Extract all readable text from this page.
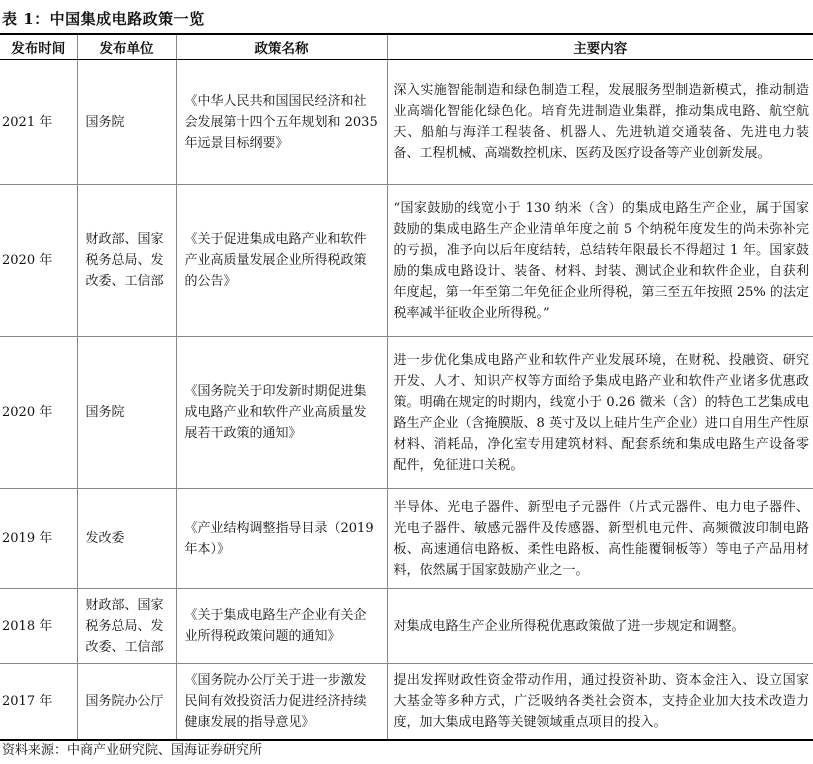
表 1：中国集成电路政策一览
发布时间	发布单位	政策名称	主要内容
2021 年	国务院	《中华人民共和国国民经济和社会发展第十四个五年规划和 2035 年远景目标纲要》	深入实施智能制造和绿色制造工程，发展服务型制造新模式，推动制造业高端化智能化绿色化。培育先进制造业集群，推动集成电路、航空航天、船舶与海洋工程装备、机器人、先进轨道交通装备、先进电力装备、工程机械、高端数控机床、医药及医疗设备等产业创新发展。
2020 年	财政部、国家税务总局、发改委、工信部	《关于促进集成电路产业和软件产业高质量发展企业所得税政策的公告》	“国家鼓励的线宽小于 130 纳米（含）的集成电路生产企业，属于国家鼓励的集成电路生产企业清单年度之前 5 个纳税年度发生的尚未弥补完的亏损，准予向以后年度结转，总结转年限最长不得超过 1 年。国家鼓励的集成电路设计、装备、材料、封装、测试企业和软件企业，自获利年度起，第一年至第二年免征企业所得税，第三至五年按照 25% 的法定税率减半征收企业所得税。”
2020 年	国务院	《国务院关于印发新时期促进集成电路产业和软件产业高质量发展若干政策的通知》	进一步优化集成电路产业和软件产业发展环境，在财税、投融资、研究开发、人才、知识产权等方面给予集成电路产业和软件产业诸多优惠政策。明确在规定的时期内，线宽小于 0.26 微米（含）的特色工艺集成电路生产企业（含掩膜版、8 英寸及以上硅片生产企业）进口自用生产性原材料、消耗品，净化室专用建筑材料、配套系统和集成电路生产设备零配件，免征进口关税。
2019 年	发改委	《产业结构调整指导目录（2019 年本）》	半导体、光电子器件、新型电子元器件（片式元器件、电力电子器件、光电子器件、敏感元器件及传感器、新型机电元件、高频微波印制电路板、高速通信电路板、柔性电路板、高性能覆铜板等）等电子产品用材料，依然属于国家鼓励产业之一。
2018 年	财政部、国家税务总局、发改委、工信部	《关于集成电路生产企业有关企业所得税政策问题的通知》	对集成电路生产企业所得税优惠政策做了进一步规定和调整。
2017 年	国务院办公厅	《国务院办公厅关于进一步激发民间有效投资活力促进经济持续健康发展的指导意见》	提出发挥财政性资金带动作用，通过投资补助、资本金注入、设立国家大基金等多种方式，广泛吸纳各类社会资本，支持企业加大技术改造力度，加大集成电路等关键领域重点项目的投入。
资料来源：中商产业研究院、国海证券研究所
